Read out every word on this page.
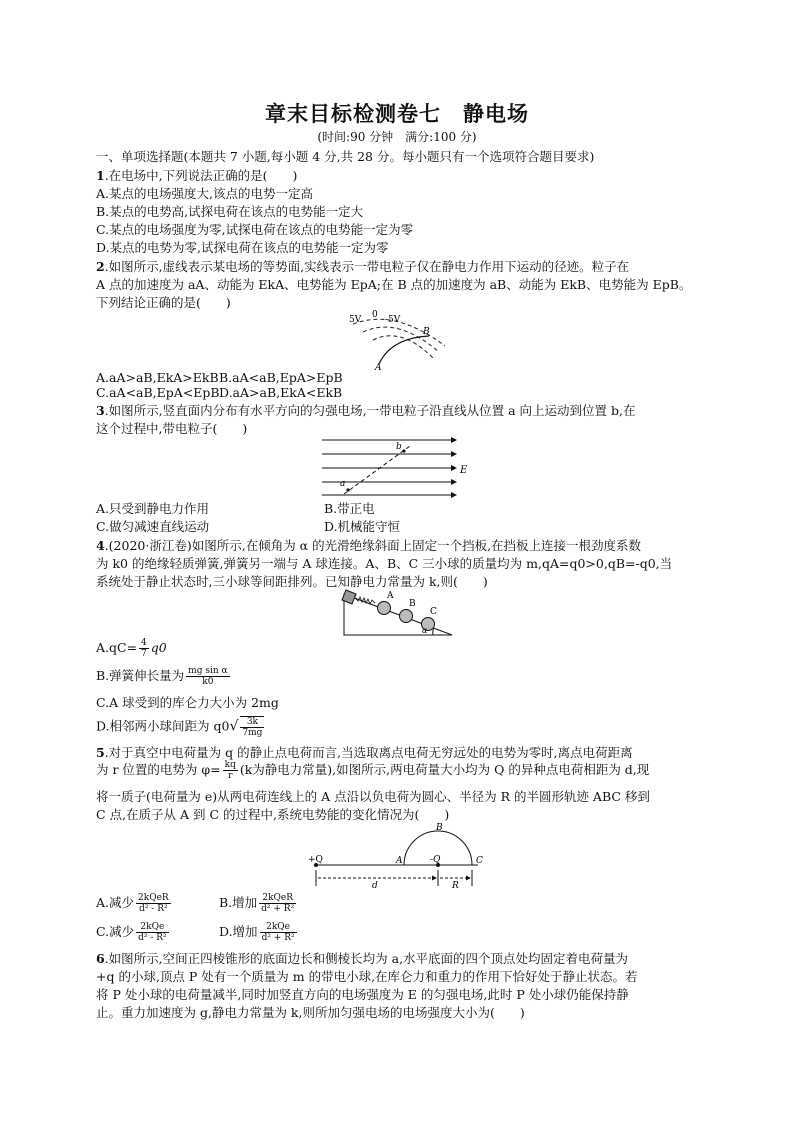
章末目标检测卷七　静电场
(时间:90 分钟　满分:100 分)
一、单项选择题(本题共 7 小题,每小题 4 分,共 28 分。每小题只有一个选项符合题目要求)
1.在电场中,下列说法正确的是(　　)
A.某点的电场强度大,该点的电势一定高
B.某点的电势高,试探电荷在该点的电势能一定大
C.某点的电场强度为零,试探电荷在该点的电势能一定为零
D.某点的电势为零,试探电荷在该点的电势能一定为零
2.如图所示,虚线表示某电场的等势面,实线表示一带电粒子仅在静电力作用下运动的径迹。粒子在
A 点的加速度为 aA、动能为 EkA、电势能为 EpA;在 B 点的加速度为 aB、动能为 EkB、电势能为 EpB。
下列结论正确的是(　　)
5V 0 -5V
A
B
A.aA>aB,EkA>EkB B.aA<aB,EpA>EpB
C.aA<aB,EpA<EpB D.aA>aB,EkA<EkB
3.如图所示,竖直面内分布有水平方向的匀强电场,一带电粒子沿直线从位置 a 向上运动到位置 b,在
这个过程中,带电粒子(　　)
a
b
E
A.只受到静电力作用	B.带正电
C.做匀减速直线运动	D.机械能守恒
4.(2020·浙江卷)如图所示,在倾角为 α 的光滑绝缘斜面上固定一个挡板,在挡板上连接一根劲度系数
为 k0 的绝缘轻质弹簧,弹簧另一端与 A 球连接。A、B、C 三小球的质量均为 m,qA=q0>0,qB=-q0,当
系统处于静止状态时,三小球等间距排列。已知静电力常量为 k,则(　　)
A
B
C
α
$A.qC= \frac{4}{7} q0$
B.弹簧伸长量为 $\frac{\text{mg sin α}}{k0}$
C.A 球受到的库仑力大小为 2mg
D.相邻两小球间距为 $q0√ \frac{3k}{7mg}$
5.对于真空中电荷量为 q 的静止点电荷而言,当选取离点电荷无穷远处的电势为零时,离点电荷距离
为 r 位置的电势为 $\varphi= \frac{kq}{r} (k$为静电力常量),如图所示,两电荷量大小均为 Q 的异种点电荷相距为 d,现
将一质子(电荷量为 e)从两电荷连线上的 A 点沿以负电荷为圆心、半径为 R 的半圆形轨迹 ABC 移到
C 点,在质子从 A 到 C 的过程中,系统电势能的变化情况为(　　)
+Q	-Q
A
B
C
d	R
A.减少 $\frac{\text{2kQeR}}{\text{d² - R²}}$	B.增加 $\frac{\text{2kQeR}}{\text{d² + R²}}$
C.减少 $\frac{\text{2kQe}}{\text{d² - R²}}$	D.增加 $\frac{\text{2kQe}}{\text{d² + R²}}$
6.如图所示,空间正四棱锥形的底面边长和侧棱长均为 a,水平底面的四个顶点处均固定着电荷量为
+q 的小球,顶点 P 处有一个质量为 m 的带电小球,在库仑力和重力的作用下恰好处于静止状态。若
将 P 处小球的电荷量减半,同时加竖直方向的电场强度为 E 的匀强电场,此时 P 处小球仍能保持静
止。重力加速度为 g,静电力常量为 k,则所加匀强电场的电场强度大小为(　　)
